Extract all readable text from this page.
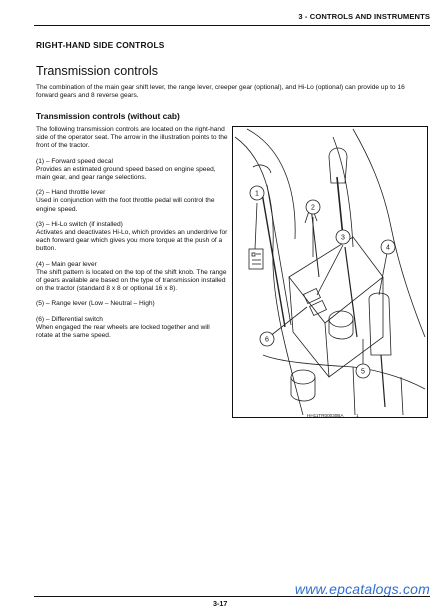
3 - CONTROLS AND INSTRUMENTS
RIGHT-HAND SIDE CONTROLS
Transmission controls

The combination of the main gear shift lever, the range lever, creeper gear (optional), and Hi-Lo (optional) can provide up to 16 forward gears and 8 reverse gears.

Transmission controls (without cab)

The following transmission controls are located on the right-hand side of the operator seat. The arrow in the illustration points to the front of the tractor.

(1) – Forward speed decal
Provides an estimated ground speed based on engine speed, main gear, and gear range selections.

(2) – Hand throttle lever
Used in conjunction with the foot throttle pedal will control the engine speed.

(3) – Hi-Lo switch (if installed)
Activates and deactivates Hi-Lo, which provides an underdrive for each forward gear which gives you more torque at the push of a button.

(4) – Main gear lever
The shift pattern is located on the top of the shift knob. The range of gears available are based on the type of transmission installed on the tractor (standard 8 x 8 or optional 16 x 8).

(5) – Range lever (Low – Neutral – High)

(6) – Differential switch
When engaged the rear wheels are locked together and will rotate at the same speed.

1
2
3
4
5
6
HH11TR00030BA	1
www.epcatalogs.com
3-17
